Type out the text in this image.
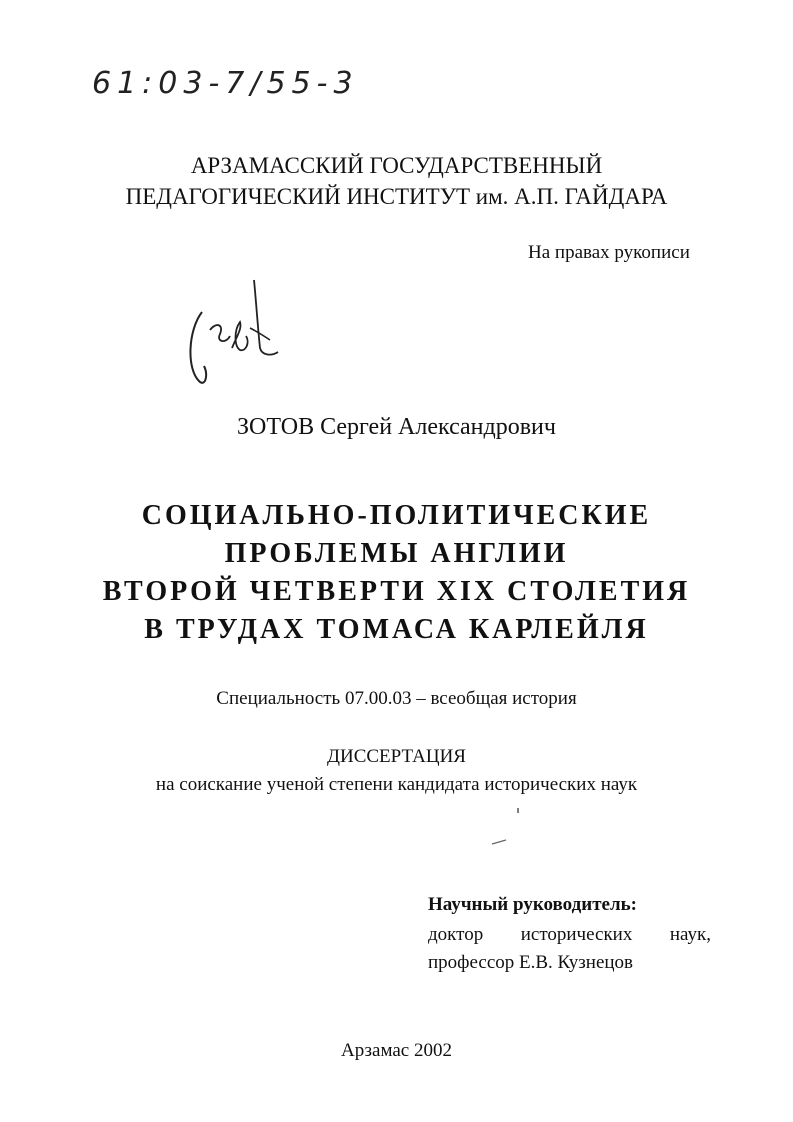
61:03-7/55-3
АРЗАМАССКИЙ ГОСУДАРСТВЕННЫЙ
ПЕДАГОГИЧЕСКИЙ ИНСТИТУТ им. А.П. ГАЙДАРА
На правах рукописи
ЗОТОВ Сергей Александрович
СОЦИАЛЬНО-ПОЛИТИЧЕСКИЕ
ПРОБЛЕМЫ АНГЛИИ
ВТОРОЙ ЧЕТВЕРТИ XIX СТОЛЕТИЯ
В ТРУДАХ ТОМАСА КАРЛЕЙЛЯ
Специальность 07.00.03 – всеобщая история
ДИССЕРТАЦИЯ
на соискание ученой степени кандидата исторических наук
Научный руководитель:
доктор исторических наук,
профессор Е.В. Кузнецов
Арзамас 2002
